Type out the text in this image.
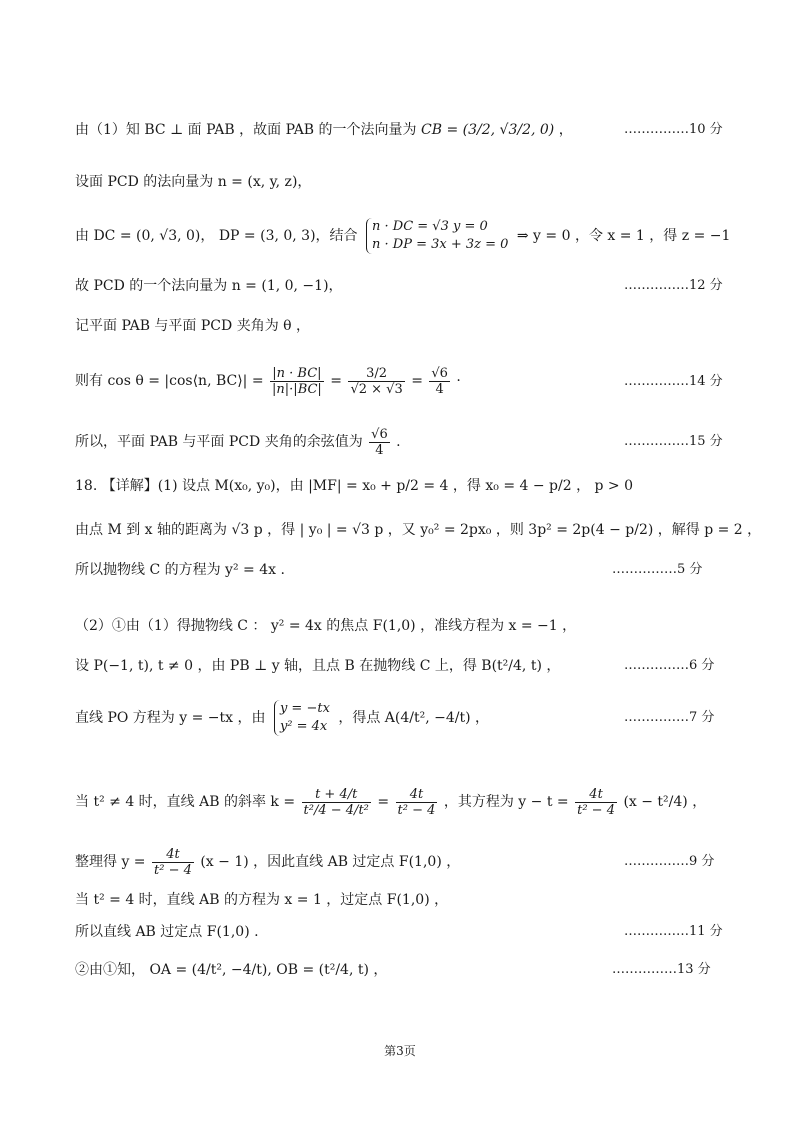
由（1）知 BC ⊥ 面 PAB ，故面 PAB 的一个法向量为 CB = (3/2, √3/2, 0) ，	……………10 分
设面 PCD 的法向量为 n = (x, y, z)，
由 DC = (0, √3, 0)， DP = (3, 0, 3)，结合
n · DC = √3 y = 0
n · DP = 3x + 3z = 0
⇒ y = 0 ，令 x = 1 ，得 z = −1
故 PCD 的一个法向量为 n = (1, 0, −1)，	……………12 分
记平面 PAB 与平面 PCD 夹角为 θ ，
则有 cos θ = |cos⟨n, BC⟩| = $\frac{|n \cdot BC|}{|n|\cdot|BC|} = \frac{3/2}{√2 \times √3} = \frac{√6}{4}$ ·	……………14 分
所以，平面 PAB 与平面 PCD 夹角的余弦值为 $\frac{√6}{4}$ .	……………15 分
18. 【详解】(1) 设点 M(x₀, y₀)，由 |MF| = x₀ + p/2 = 4 ，得 x₀ = 4 − p/2 ， p > 0
由点 M 到 x 轴的距离为 √3 p ，得 | y₀ | = √3 p ，又 y₀² = 2px₀ ，则 3p² = 2p(4 − p/2) ，解得 p = 2 ，
所以抛物线 C 的方程为 y² = 4x .	……………5 分
（2）①由（1）得抛物线 C ： y² = 4x 的焦点 F(1,0) ，准线方程为 x = −1 ，
设 P(−1, t), t ≠ 0 ，由 PB ⊥ y 轴，且点 B 在抛物线 C 上，得 B(t²/4, t) ，	……………6 分
直线 PO 方程为 y = −tx ，由
y = −tx
y² = 4x
，得点 A(4/t², −4/t) ，	……………7 分
当 t² ≠ 4 时，直线 AB 的斜率 $k = \frac{t + 4/t}{\text{t²/4 − 4/t²}} = \frac{4t}{\text{t² − 4}}$ ，其方程为 $y - t = \frac{4t}{\text{t² − 4}} (x - t^2/4)$ ，
整理得 $y = \frac{4t}{\text{t² − 4}} (x - 1)$ ，因此直线 AB 过定点 F(1,0) ，	……………9 分
当 t² = 4 时，直线 AB 的方程为 x = 1 ，过定点 F(1,0) ，
所以直线 AB 过定点 F(1,0) .	……………11 分
②由①知， OA = (4/t², −4/t), OB = (t²/4, t) ，	……………13 分
第3页
